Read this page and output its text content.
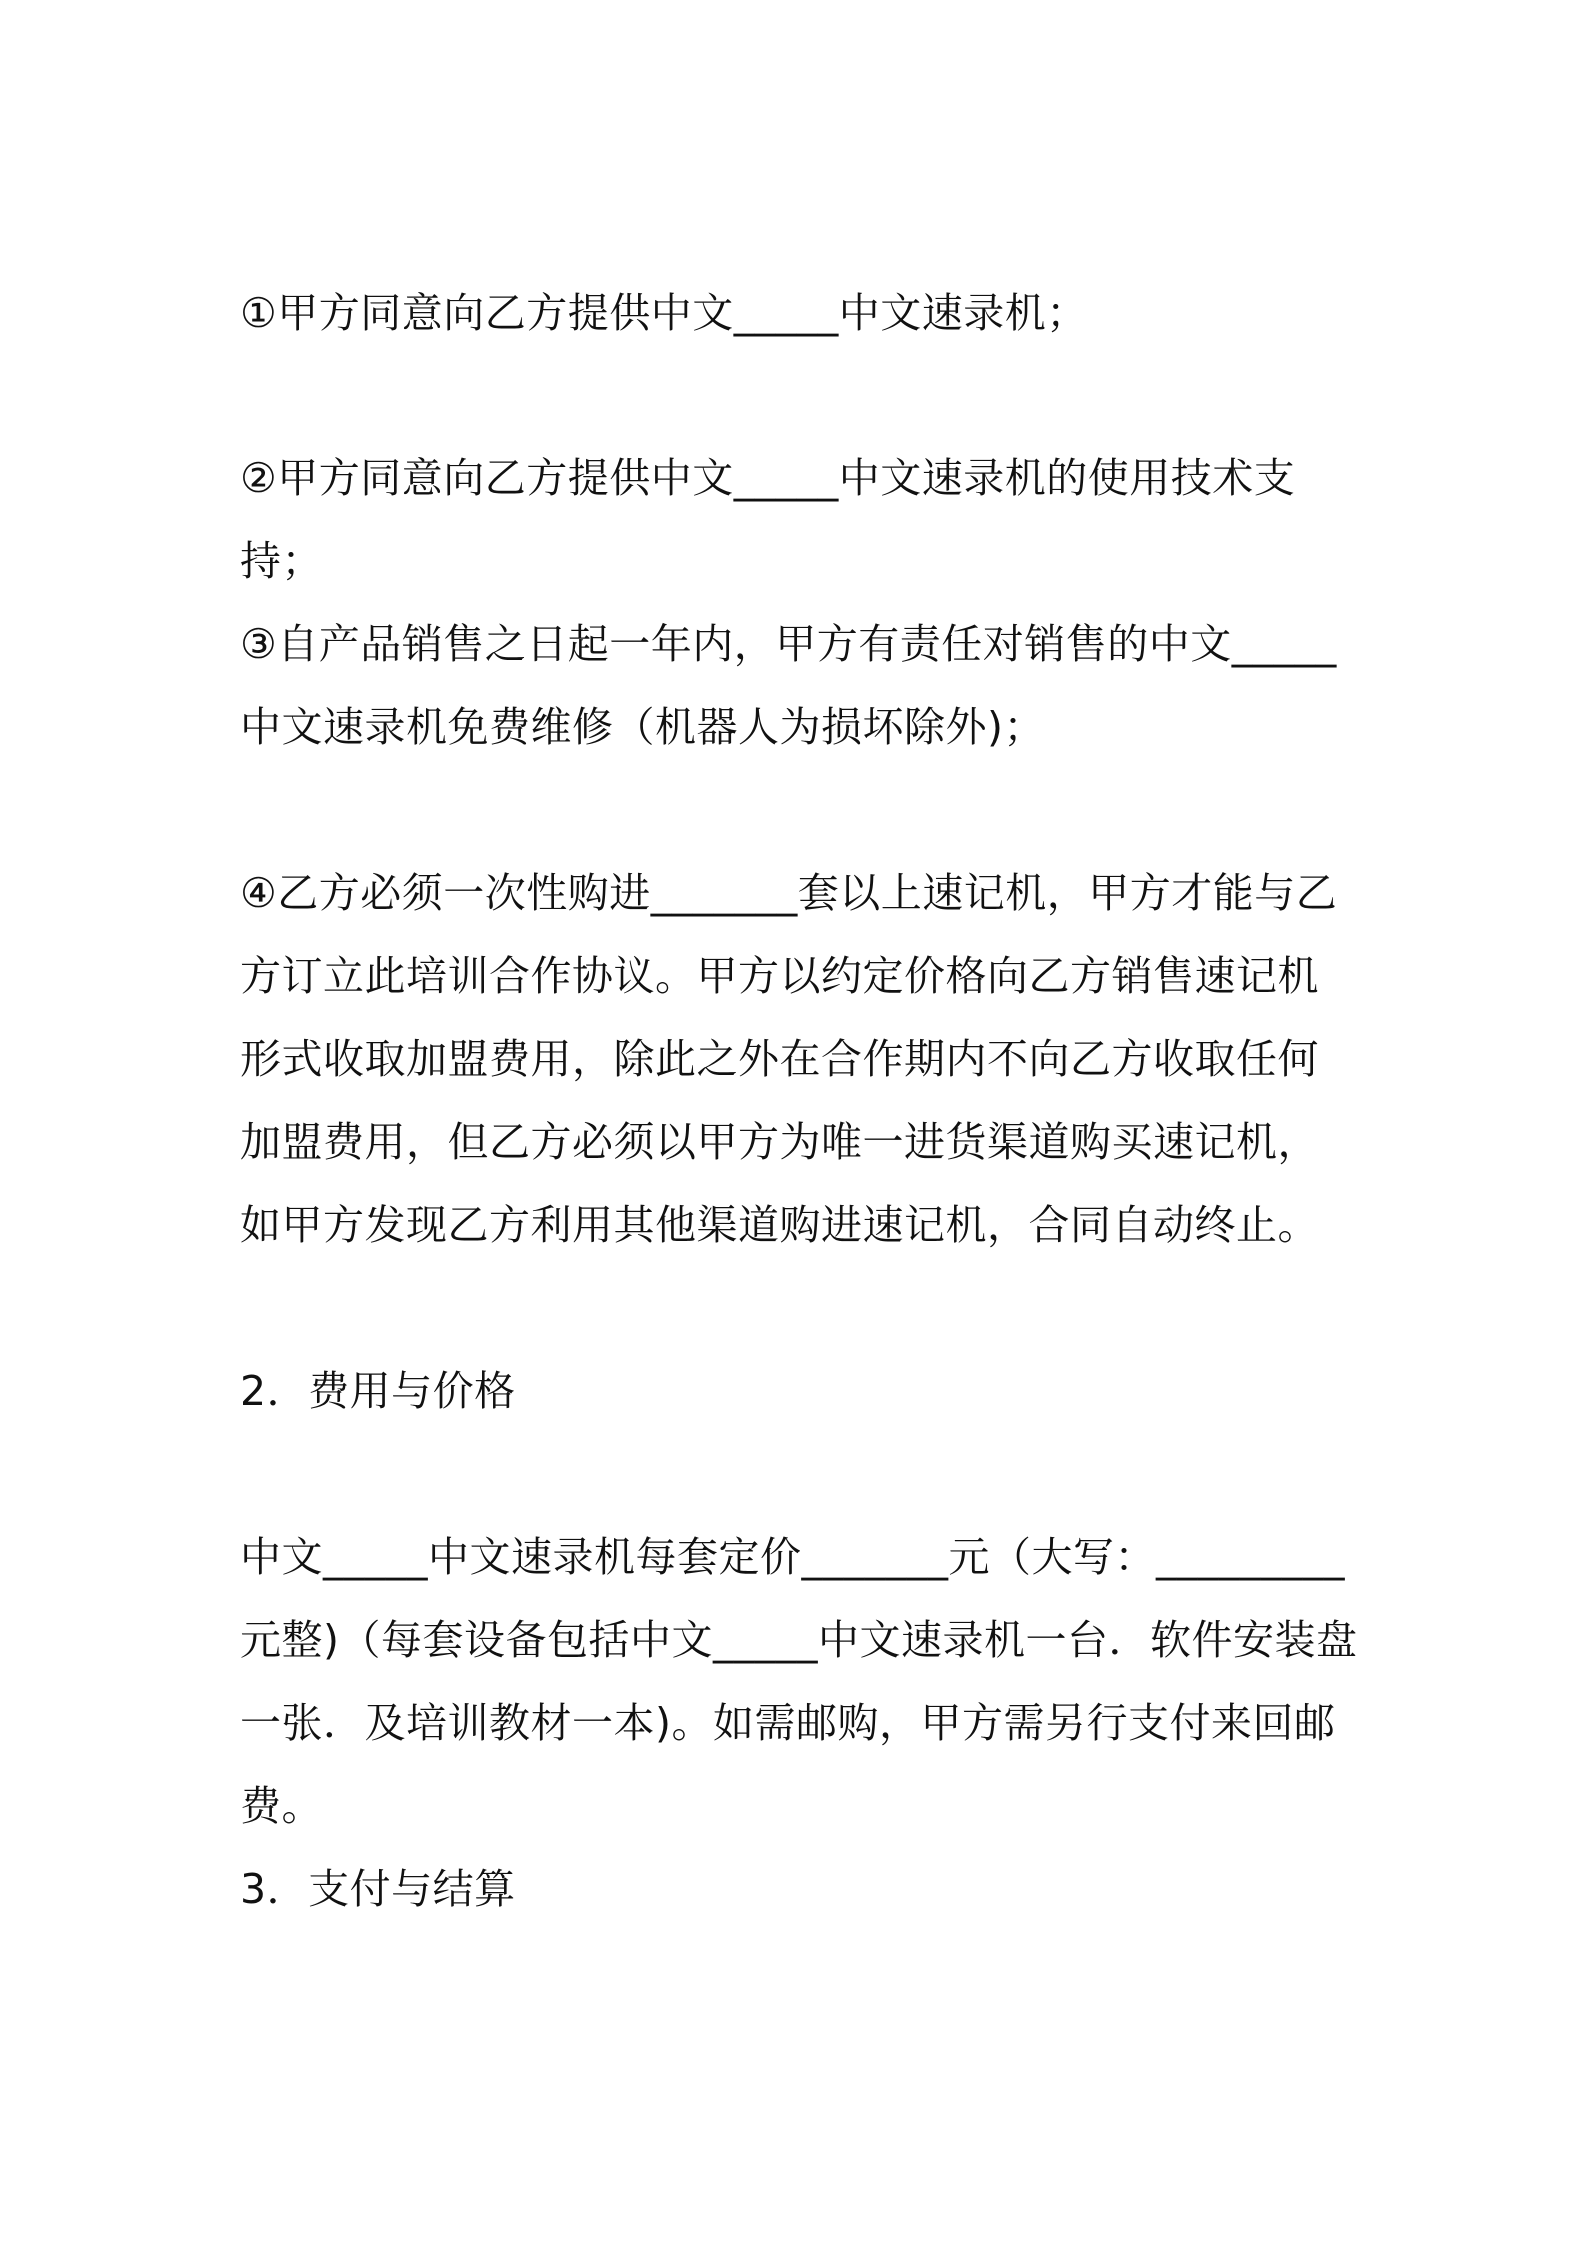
①甲方同意向乙方提供中文_____中文速录机；

②甲方同意向乙方提供中文_____中文速录机的使用技术支持；

③自产品销售之日起一年内，甲方有责任对销售的中文_____中文速录机免费维修（机器人为损坏除外)；

④乙方必须一次性购进_______套以上速记机，甲方才能与乙方订立此培训合作协议。甲方以约定价格向乙方销售速记机形式收取加盟费用，除此之外在合作期内不向乙方收取任何加盟费用，但乙方必须以甲方为唯一进货渠道购买速记机，如甲方发现乙方利用其他渠道购进速记机，合同自动终止。

2．费用与价格

中文_____中文速录机每套定价_______元（大写：_________元整)（每套设备包括中文_____中文速录机一台．软件安装盘一张．及培训教材一本)。如需邮购，甲方需另行支付来回邮费。

3．支付与结算
